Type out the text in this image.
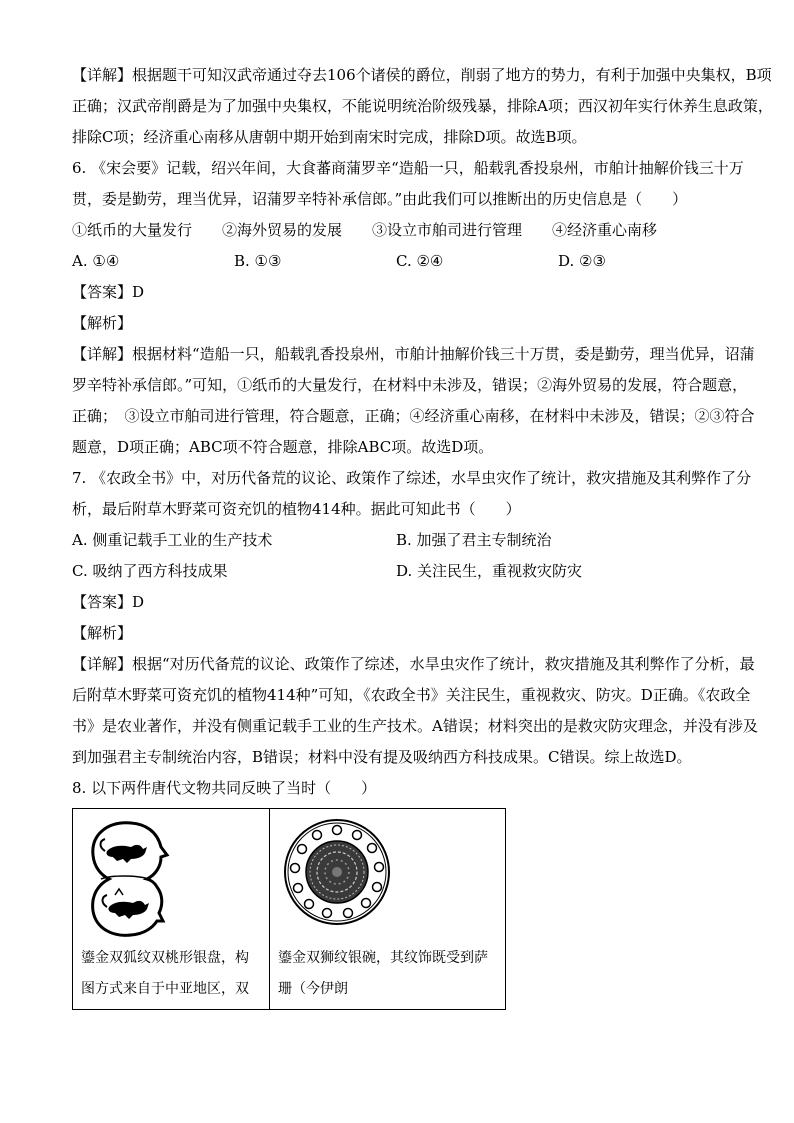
【详解】根据题干可知汉武帝通过夺去106个诸侯的爵位，削弱了地方的势力，有利于加强中央集权，B项
正确；汉武帝削爵是为了加强中央集权，不能说明统治阶级残暴，排除A项；西汉初年实行休养生息政策，
排除C项；经济重心南移从唐朝中期开始到南宋时完成，排除D项。故选B项。
6. 《宋会要》记载，绍兴年间，大食蕃商蒲罗辛“造船一只，船载乳香投泉州，市舶计抽解价钱三十万
贯，委是勤劳，理当优异，诏蒲罗辛特补承信郎。”由此我们可以推断出的历史信息是（　　）
①纸币的大量发行　　②海外贸易的发展　　③设立市舶司进行管理　　④经济重心南移
A. ①④	B. ①③	C. ②④	D. ②③
【答案】D
【解析】
【详解】根据材料“造船一只，船载乳香投泉州，市舶计抽解价钱三十万贯，委是勤劳，理当优异，诏蒲
罗辛特补承信郎。”可知，①纸币的大量发行，在材料中未涉及，错误；②海外贸易的发展，符合题意，
正确；　③设立市舶司进行管理，符合题意，正确；④经济重心南移，在材料中未涉及，错误；②③符合
题意，D项正确；ABC项不符合题意，排除ABC项。故选D项。
7. 《农政全书》中，对历代备荒的议论、政策作了综述，水旱虫灾作了统计，救灾措施及其利弊作了分
析，最后附草木野菜可资充饥的植物414种。据此可知此书（　　）
A. 侧重记载手工业的生产技术	B. 加强了君主专制统治
C. 吸纳了西方科技成果	D. 关注民生，重视救灾防灾
【答案】D
【解析】
【详解】根据“对历代备荒的议论、政策作了综述，水旱虫灾作了统计，救灾措施及其利弊作了分析，最
后附草木野菜可资充饥的植物414种”可知，《农政全书》关注民生，重视救灾、防灾。D正确。《农政全
书》是农业著作，并没有侧重记载手工业的生产技术。A错误；材料突出的是救灾防灾理念，并没有涉及
到加强君主专制统治内容，B错误；材料中没有提及吸纳西方科技成果。C错误。综上故选D。
8. 以下两件唐代文物共同反映了当时（　　）
鎏金双狐纹双桃形银盘，构
图方式来自于中亚地区，双
鎏金双狮纹银碗，其纹饰既受到萨
珊（今伊朗
